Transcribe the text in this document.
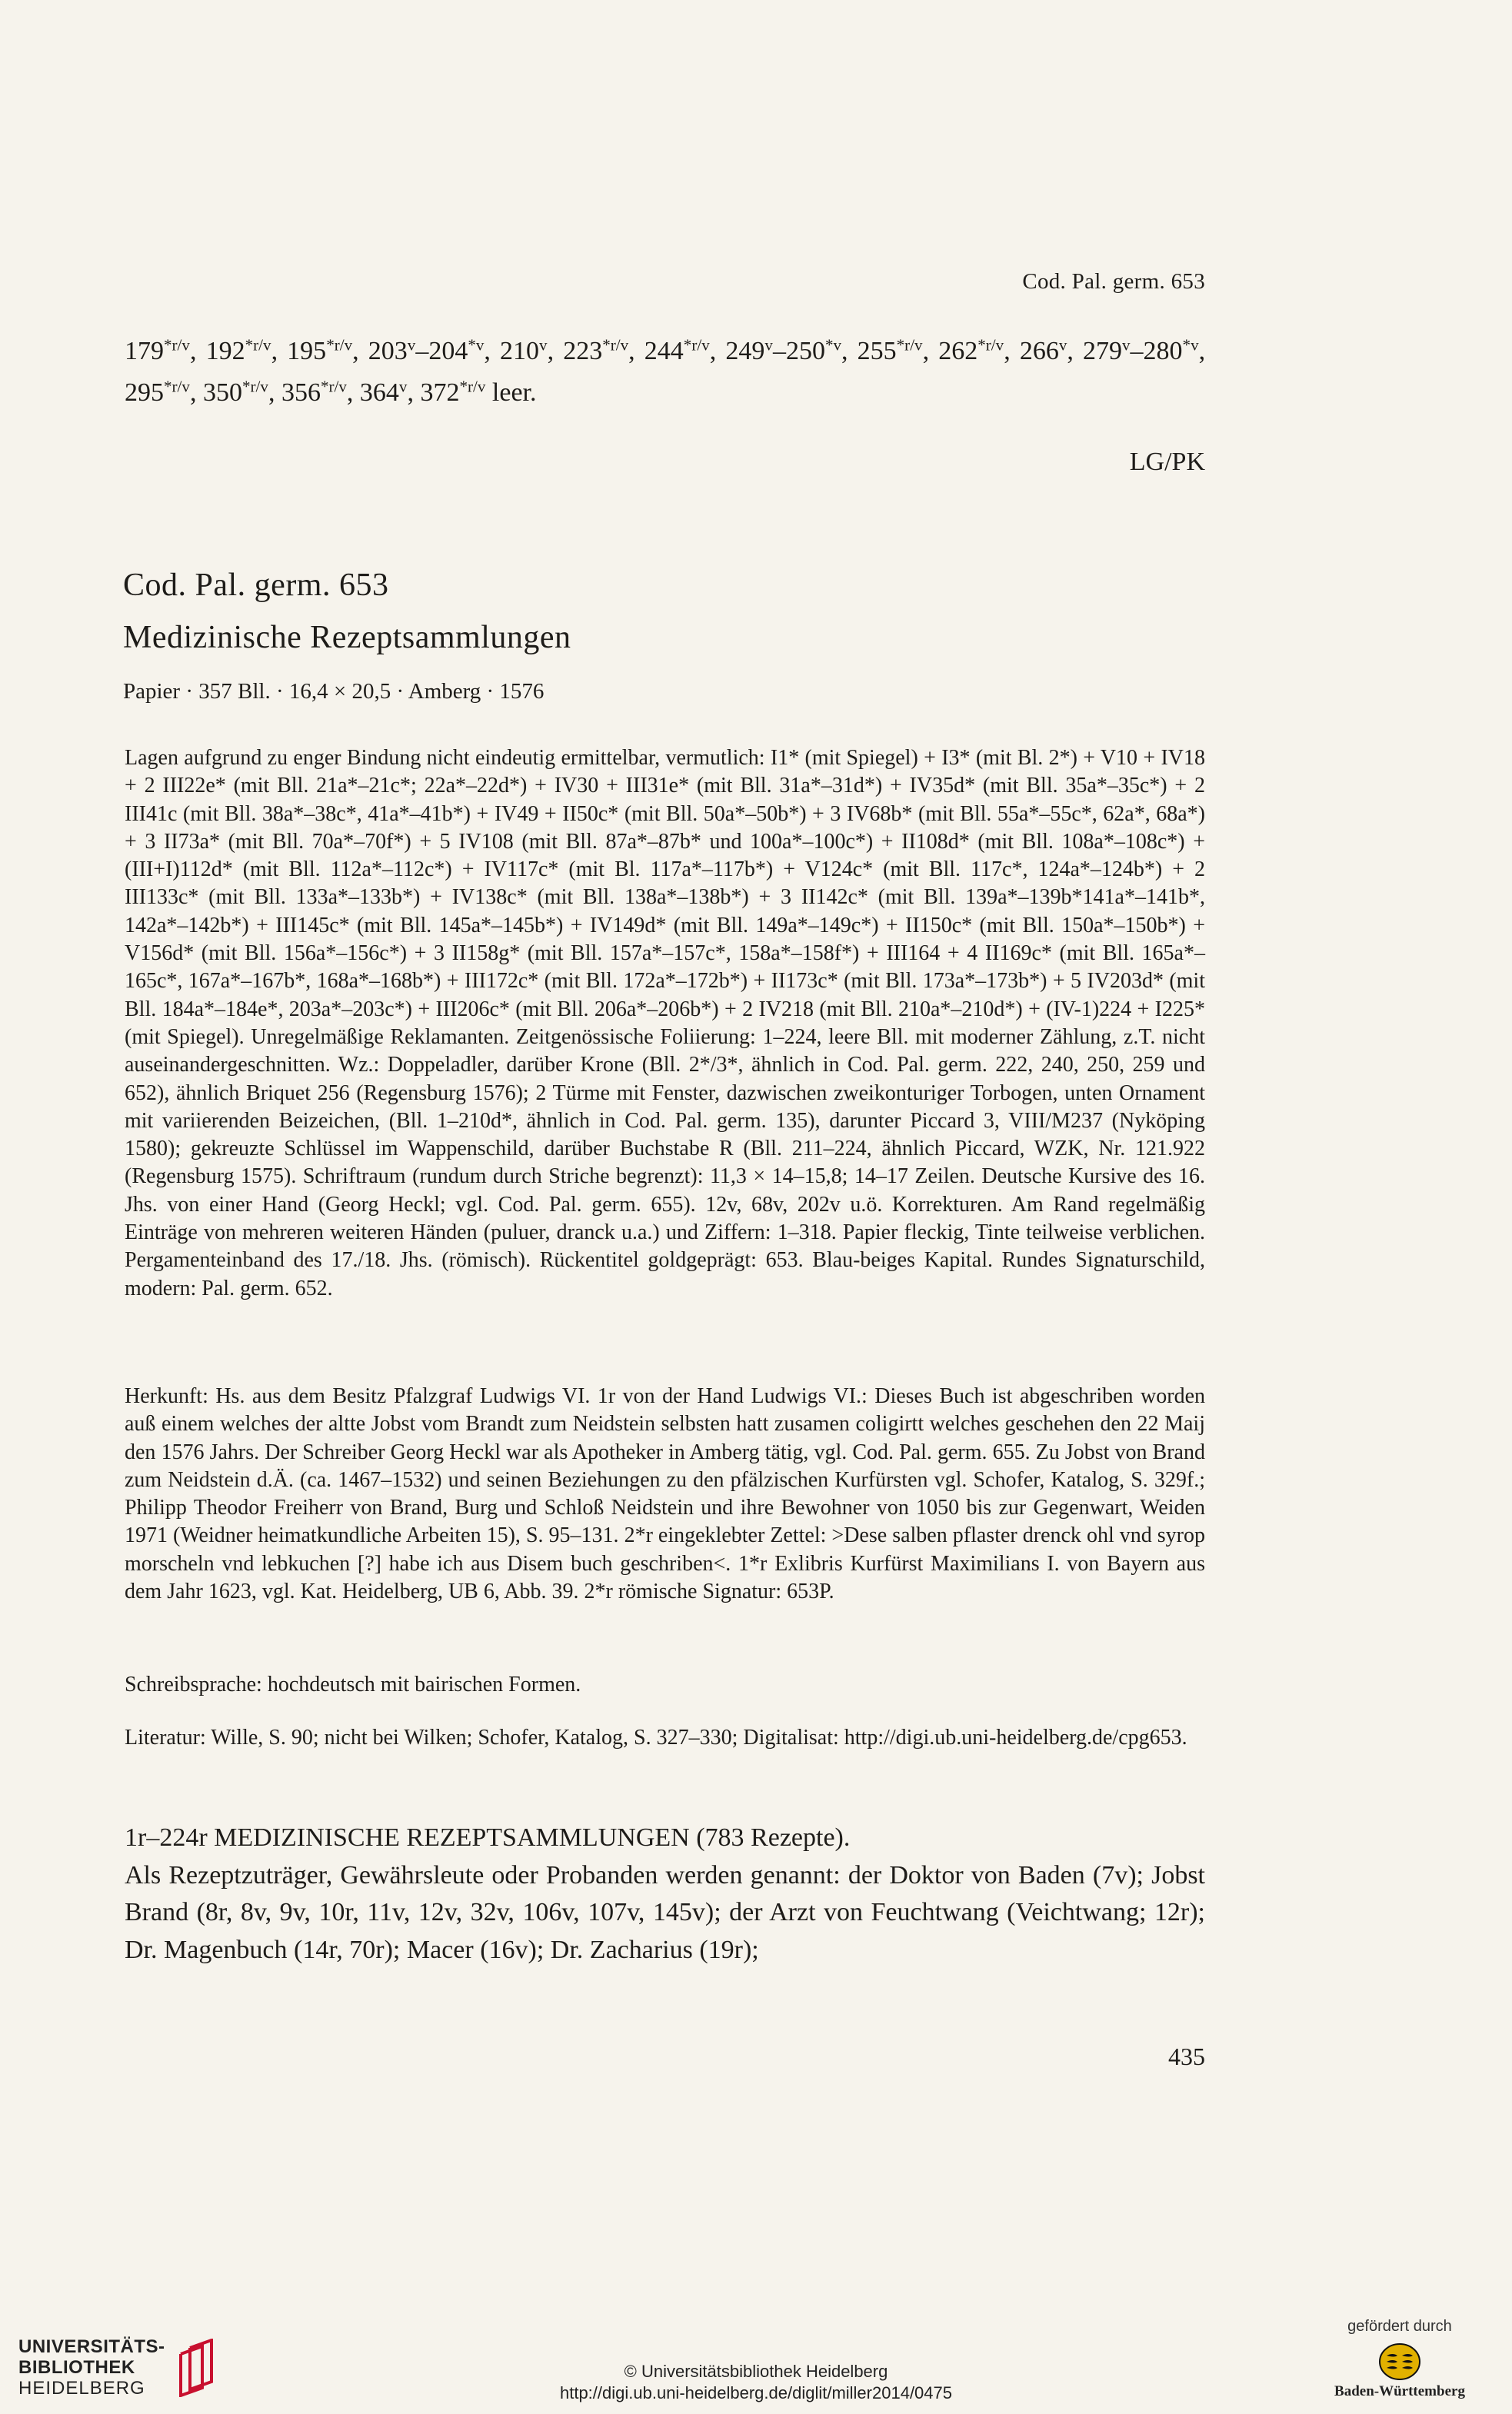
Cod. Pal. germ. 653
$179^{*r/v}$, $192^{*r/v}$, $195^{*r/v}$, 203$^v$–204$^{*v}$, 210$^v$, $223^{*r/v}$, $244^{*r/v}$, 249$^v$–250$^{*v}$, $255^{*r/v}$, $262^{*r/v}$, 266$^v$, 279$^v$–280$^{*v}$, $295^{*r/v}$, $350^{*r/v}$, $356^{*r/v}$, 364$^v$, $372^{*r/v}$ leer.
LG/PK
Cod. Pal. germ. 653
Medizinische Rezeptsammlungen
Papier · 357 Bll. · 16,4 × 20,5 · Amberg · 1576
Lagen aufgrund zu enger Bindung nicht eindeutig ermittelbar, vermutlich: I1* (mit Spiegel) + I3* (mit Bl. 2*) + V10 + IV18 + 2 III22e* (mit Bll. 21a*–21c*; 22a*–22d*) + IV30 + III31e* (mit Bll. 31a*–31d*) + IV35d* (mit Bll. 35a*–35c*) + 2 III41c (mit Bll. 38a*–38c*, 41a*–41b*) + IV49 + II50c* (mit Bll. 50a*–50b*) + 3 IV68b* (mit Bll. 55a*–55c*, 62a*, 68a*) + 3 II73a* (mit Bll. 70a*–70f*) + 5 IV108 (mit Bll. 87a*–87b* und 100a*–100c*) + II108d* (mit Bll. 108a*–108c*) + (III+I)112d* (mit Bll. 112a*–112c*) + IV117c* (mit Bl. 117a*–117b*) + V124c* (mit Bll. 117c*, 124a*–124b*) + 2 III133c* (mit Bll. 133a*–133b*) + IV138c* (mit Bll. 138a*–138b*) + 3 II142c* (mit Bll. 139a*–139b*141a*–141b*, 142a*–142b*) + III145c* (mit Bll. 145a*–145b*) + IV149d* (mit Bll. 149a*–149c*) + II150c* (mit Bll. 150a*–150b*) + V156d* (mit Bll. 156a*–156c*) + 3 II158g* (mit Bll. 157a*–157c*, 158a*–158f*) + III164 + 4 II169c* (mit Bll. 165a*–165c*, 167a*–167b*, 168a*–168b*) + III172c* (mit Bll. 172a*–172b*) + II173c* (mit Bll. 173a*–173b*) + 5 IV203d* (mit Bll. 184a*–184e*, 203a*–203c*) + III206c* (mit Bll. 206a*–206b*) + 2 IV218 (mit Bll. 210a*–210d*) + (IV-1)224 + I225* (mit Spiegel). Unregelmäßige Reklamanten. Zeitgenössische Foliierung: 1–224, leere Bll. mit moderner Zählung, z.T. nicht auseinandergeschnitten. Wz.: Doppeladler, darüber Krone (Bll. 2*/3*, ähnlich in Cod. Pal. germ. 222, 240, 250, 259 und 652), ähnlich Briquet 256 (Regensburg 1576); 2 Türme mit Fenster, dazwischen zweikonturiger Torbogen, unten Ornament mit variierenden Beizeichen, (Bll. 1–210d*, ähnlich in Cod. Pal. germ. 135), darunter Piccard 3, VIII/M237 (Nyköping 1580); gekreuzte Schlüssel im Wappenschild, darüber Buchstabe R (Bll. 211–224, ähnlich Piccard, WZK, Nr. 121.922 (Regensburg 1575). Schriftraum (rundum durch Striche begrenzt): 11,3 × 14–15,8; 14–17 Zeilen. Deutsche Kursive des 16. Jhs. von einer Hand (Georg Heckl; vgl. Cod. Pal. germ. 655). 12v, 68v, 202v u.ö. Korrekturen. Am Rand regelmäßig Einträge von mehreren weiteren Händen (puluer, dranck u.a.) und Ziffern: 1–318. Papier fleckig, Tinte teilweise verblichen. Pergamenteinband des 17./18. Jhs. (römisch). Rückentitel goldgeprägt: 653. Blau-beiges Kapital. Rundes Signaturschild, modern: Pal. germ. 652.
Herkunft: Hs. aus dem Besitz Pfalzgraf Ludwigs VI. 1r von der Hand Ludwigs VI.: Dieses Buch ist abgeschriben worden auß einem welches der altte Jobst vom Brandt zum Neidstein selbsten hatt zusamen coligirtt welches geschehen den 22 Maij den 1576 Jahrs. Der Schreiber Georg Heckl war als Apotheker in Amberg tätig, vgl. Cod. Pal. germ. 655. Zu Jobst von Brand zum Neidstein d.Ä. (ca. 1467–1532) und seinen Beziehungen zu den pfälzischen Kurfürsten vgl. Schofer, Katalog, S. 329f.; Philipp Theodor Freiherr von Brand, Burg und Schloß Neidstein und ihre Bewohner von 1050 bis zur Gegenwart, Weiden 1971 (Weidner heimatkundliche Arbeiten 15), S. 95–131. 2*r eingeklebter Zettel: >Dese salben pflaster drenck ohl vnd syrop morscheln vnd lebkuchen [?] habe ich aus Disem buch geschriben<. 1*r Exlibris Kurfürst Maximilians I. von Bayern aus dem Jahr 1623, vgl. Kat. Heidelberg, UB 6, Abb. 39. 2*r römische Signatur: 653P.
Schreibsprache: hochdeutsch mit bairischen Formen.
Literatur: Wille, S. 90; nicht bei Wilken; Schofer, Katalog, S. 327–330; Digitalisat: http://digi.ub.uni-heidelberg.de/cpg653.
1r–224r MEDIZINISCHE REZEPTSAMMLUNGEN (783 Rezepte).
Als Rezeptzuträger, Gewährsleute oder Probanden werden genannt: der Doktor von Baden (7v); Jobst Brand (8r, 8v, 9v, 10r, 11v, 12v, 32v, 106v, 107v, 145v); der Arzt von Feuchtwang (Veichtwang; 12r); Dr. Magenbuch (14r, 70r); Macer (16v); Dr. Zacharius (19r);
435
UNIVERSITÄTS-
BIBLIOTHEK
HEIDELBERG
© Universitätsbibliothek Heidelberg
http://digi.ub.uni-heidelberg.de/diglit/miller2014/0475
gefördert durch
Baden-Württemberg
